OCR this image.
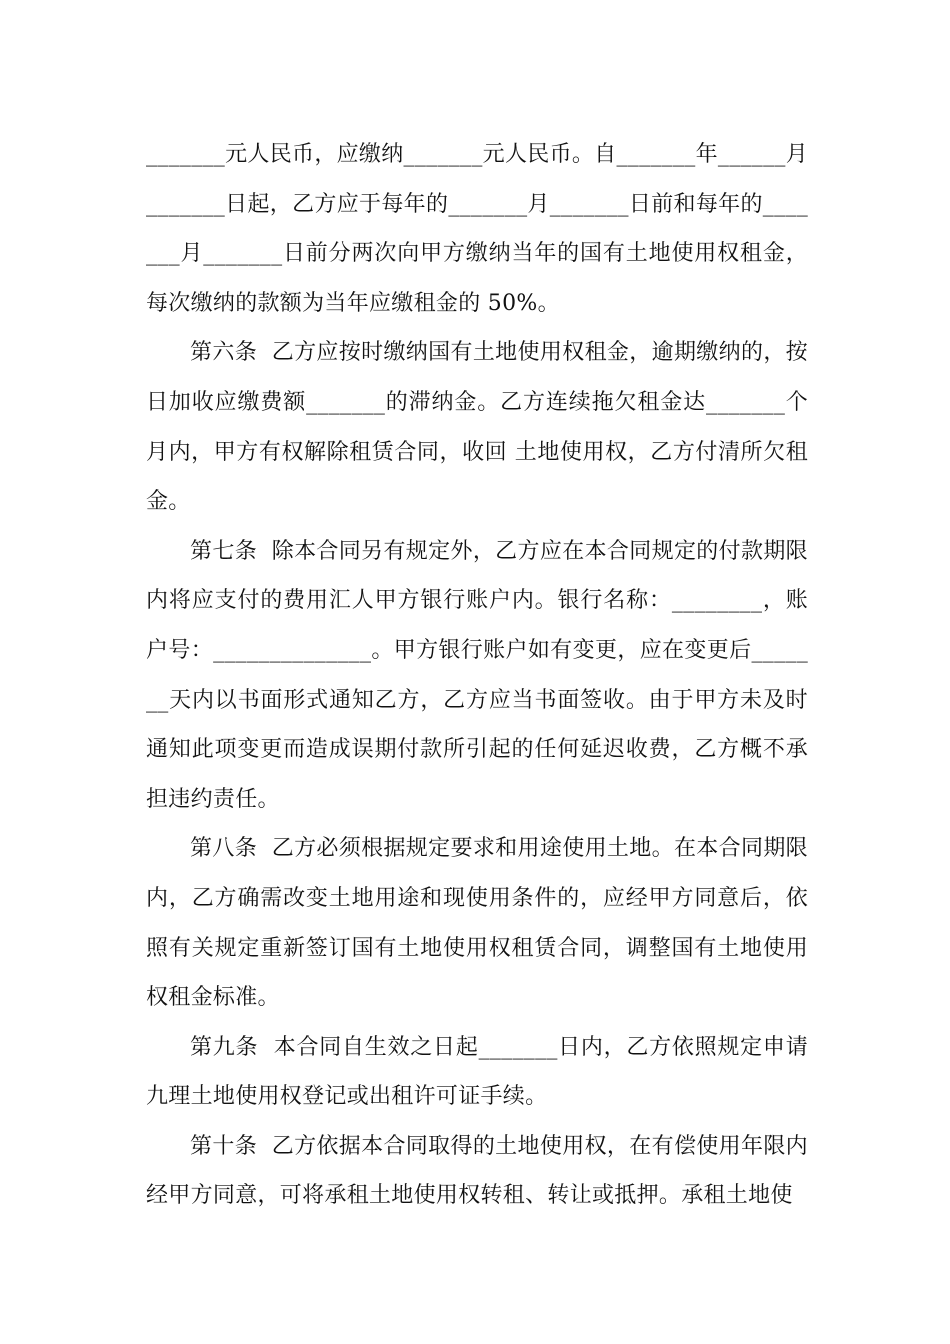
_______元人民币，应缴纳_______元人民币。自_______年______月_______日起，乙方应于每年的_______月_______日前和每年的_______月_______日前分两次向甲方缴纳当年的国有土地使用权租金，每次缴纳的款额为当年应缴租金的 50%。

第六条  乙方应按时缴纳国有土地使用权租金，逾期缴纳的，按日加收应缴费额_______的滞纳金。乙方连续拖欠租金达_______个月内，甲方有权解除租赁合同，收回 土地使用权，乙方付清所欠租金。

第七条  除本合同另有规定外，乙方应在本合同规定的付款期限内将应支付的费用汇人甲方银行账户内。银行名称：________，账户号：______________。甲方银行账户如有变更，应在变更后_______天内以书面形式通知乙方，乙方应当书面签收。由于甲方未及时通知此项变更而造成误期付款所引起的任何延迟收费，乙方概不承担违约责任。

第八条  乙方必须根据规定要求和用途使用土地。在本合同期限内，乙方确需改变土地用途和现使用条件的，应经甲方同意后，依照有关规定重新签订国有土地使用权租赁合同，调整国有土地使用权租金标准。

第九条  本合同自生效之日起_______日内，乙方依照规定申请九理土地使用权登记或出租许可证手续。

第十条  乙方依据本合同取得的土地使用权，在有偿使用年限内经甲方同意，可将承租土地使用权转租、转让或抵押。承租土地使
